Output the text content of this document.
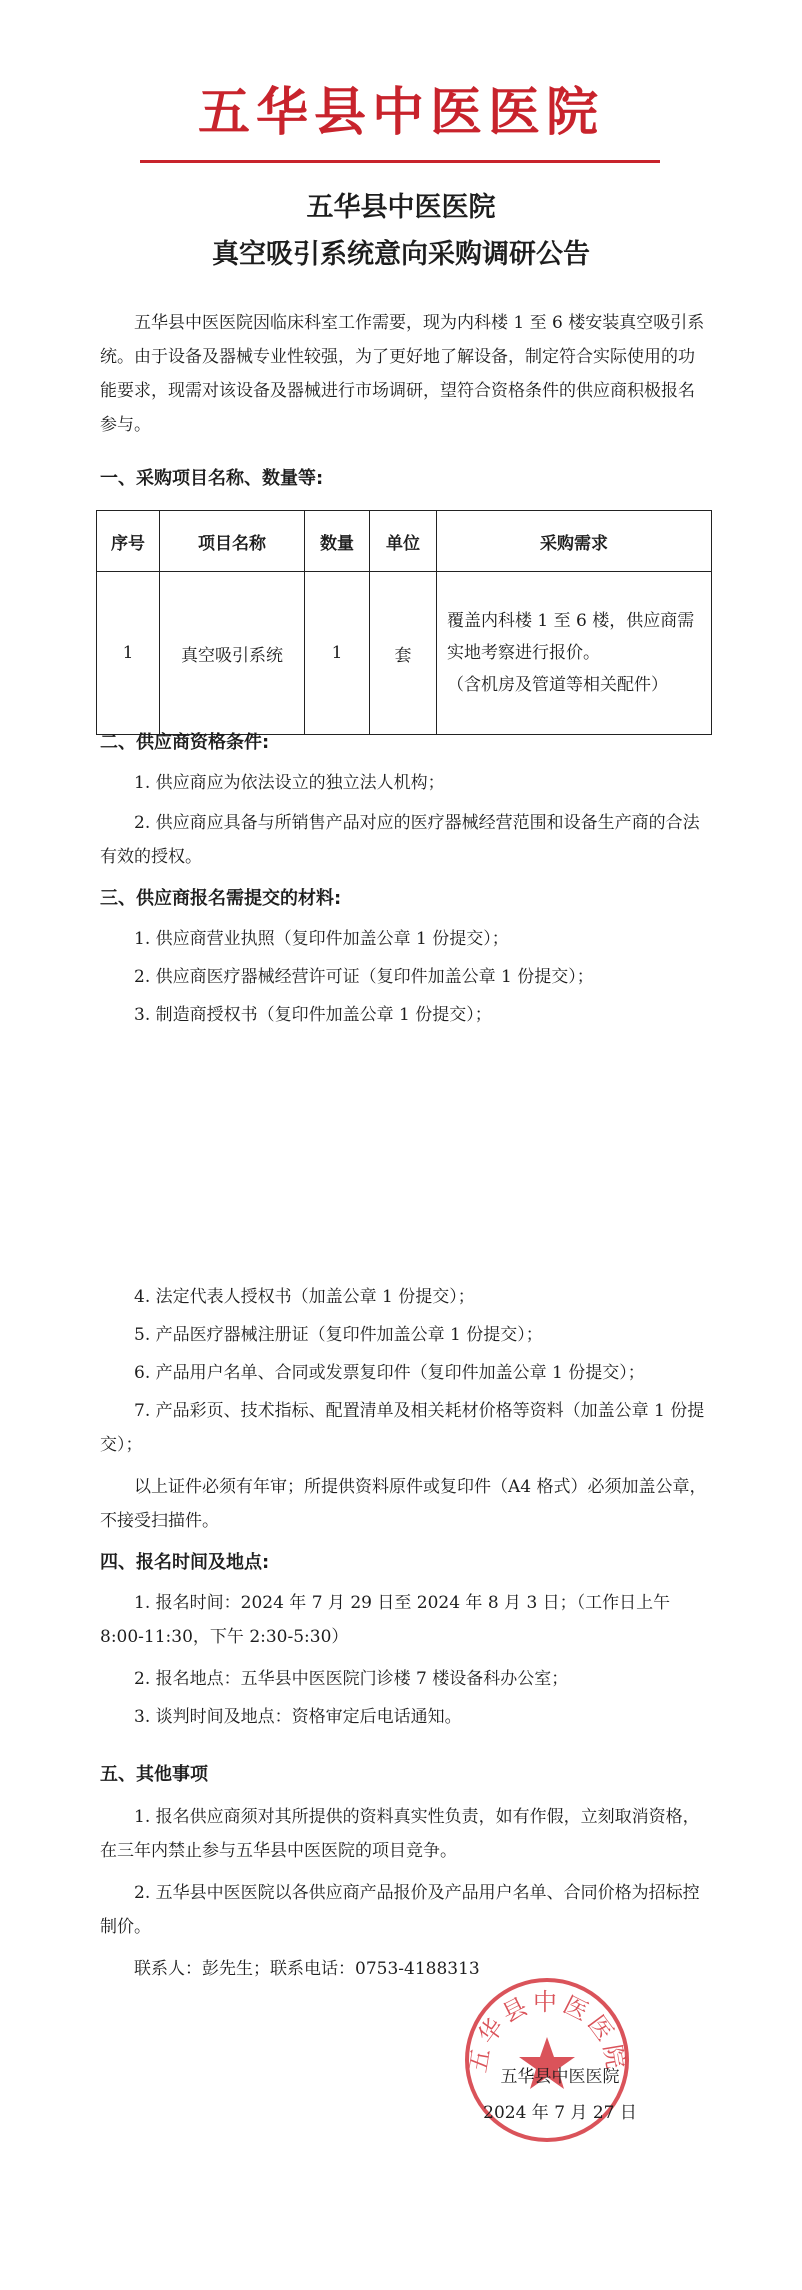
五华县中医医院
五华县中医医院
真空吸引系统意向采购调研公告

五华县中医医院因临床科室工作需要，现为内科楼 1 至 6 楼安装真空吸引系统。由于设备及器械专业性较强，为了更好地了解设备，制定符合实际使用的功能要求，现需对该设备及器械进行市场调研，望符合资格条件的供应商积极报名参与。

一、采购项目名称、数量等:

序号	项目名称	数量	单位	采购需求
1	真空吸引系统	1	套	覆盖内科楼 1 至 6 楼，供应商需实地考察进行报价。
（含机房及管道等相关配件）

二、供应商资格条件:

1. 供应商应为依法设立的独立法人机构；

2. 供应商应具备与所销售产品对应的医疗器械经营范围和设备生产商的合法有效的授权。

三、供应商报名需提交的材料:

1. 供应商营业执照（复印件加盖公章 1 份提交）；

2. 供应商医疗器械经营许可证（复印件加盖公章 1 份提交）；

3. 制造商授权书（复印件加盖公章 1 份提交）；

4. 法定代表人授权书（加盖公章 1 份提交）；

5. 产品医疗器械注册证（复印件加盖公章 1 份提交）；

6. 产品用户名单、合同或发票复印件（复印件加盖公章 1 份提交）；

7. 产品彩页、技术指标、配置清单及相关耗材价格等资料（加盖公章 1 份提交）；

以上证件必须有年审；所提供资料原件或复印件（A4 格式）必须加盖公章，不接受扫描件。

四、报名时间及地点:

1. 报名时间：2024 年 7 月 29 日至 2024 年 8 月 3 日；（工作日上午 8:00-11:30，下午 2:30-5:30）

2. 报名地点：五华县中医医院门诊楼 7 楼设备科办公室；

3. 谈判时间及地点：资格审定后电话通知。

五、其他事项

1. 报名供应商须对其所提供的资料真实性负责，如有作假，立刻取消资格，在三年内禁止参与五华县中医医院的项目竞争。

2. 五华县中医医院以各供应商产品报价及产品用户名单、合同价格为招标控制价。

联系人：彭先生；联系电话：0753-4188313

五华县中医医院
五华县中医医院
2024 年 7 月 27 日
